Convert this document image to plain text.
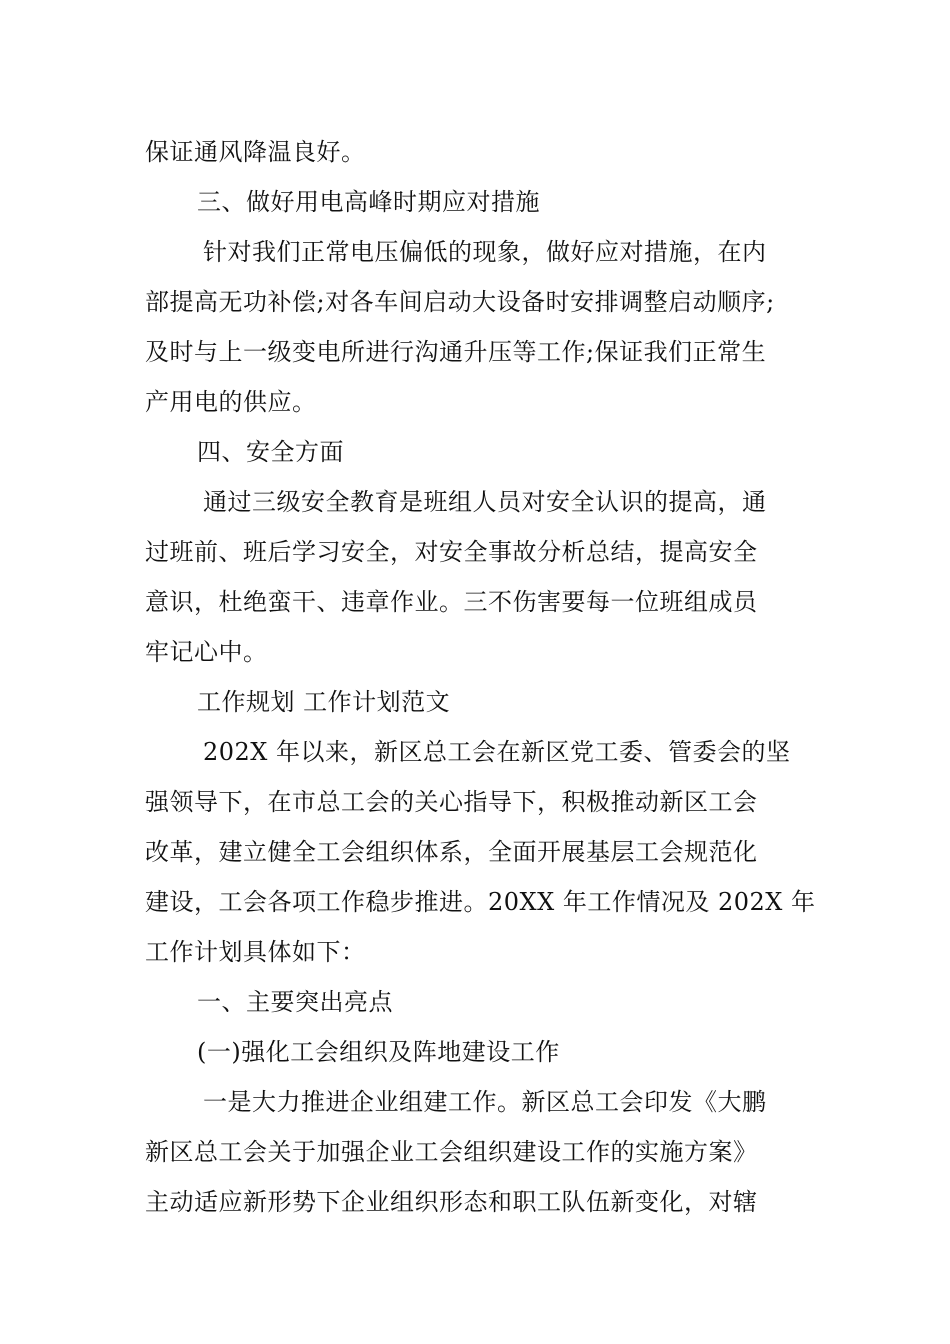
保证通风降温良好。
三、做好用电高峰时期应对措施
针对我们正常电压偏低的现象，做好应对措施，在内
部提高无功补偿;对各车间启动大设备时安排调整启动顺序;
及时与上一级变电所进行沟通升压等工作;保证我们正常生
产用电的供应。
四、安全方面
通过三级安全教育是班组人员对安全认识的提高，通
过班前、班后学习安全，对安全事故分析总结，提高安全
意识，杜绝蛮干、违章作业。三不伤害要每一位班组成员
牢记心中。
工作规划 工作计划范文
202X 年以来，新区总工会在新区党工委、管委会的坚
强领导下，在市总工会的关心指导下，积极推动新区工会
改革，建立健全工会组织体系，全面开展基层工会规范化
建设，工会各项工作稳步推进。20XX 年工作情况及 202X 年
工作计划具体如下：
一、主要突出亮点
(一)强化工会组织及阵地建设工作
一是大力推进企业组建工作。新区总工会印发《大鹏
新区总工会关于加强企业工会组织建设工作的实施方案》
主动适应新形势下企业组织形态和职工队伍新变化，对辖
